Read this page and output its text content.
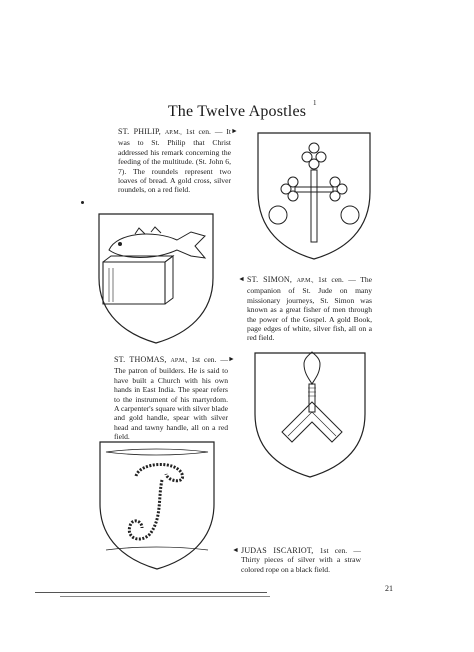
The Twelve Apostles 1
ST. PHILIP, AP.M., 1st cen. — It was to St. Philip that Christ addressed his remark concerning the feeding of the multitude. (St. John 6, 7). The roundels represent two loaves of bread. A gold cross, silver roundels, on a red field.
►
◄ ST. SIMON, AP.M., 1st cen. — The companion of St. Jude on many missionary journeys, St. Simon was known as a great fisher of men through the power of the Gospel. A gold Book, page edges of white, silver fish, all on a red field.
ST. THOMAS, AP.M., 1st cen. — The patron of builders. He is said to have built a Church with his own hands in East India. The spear refers to the instrument of his martyrdom. A carpenter's square with silver blade and gold handle, spear with silver head and tawny handle, all on a red field.
►
◄ JUDAS ISCARIOT, 1st cen. — Thirty pieces of silver with a straw colored rope on a black field.
21
